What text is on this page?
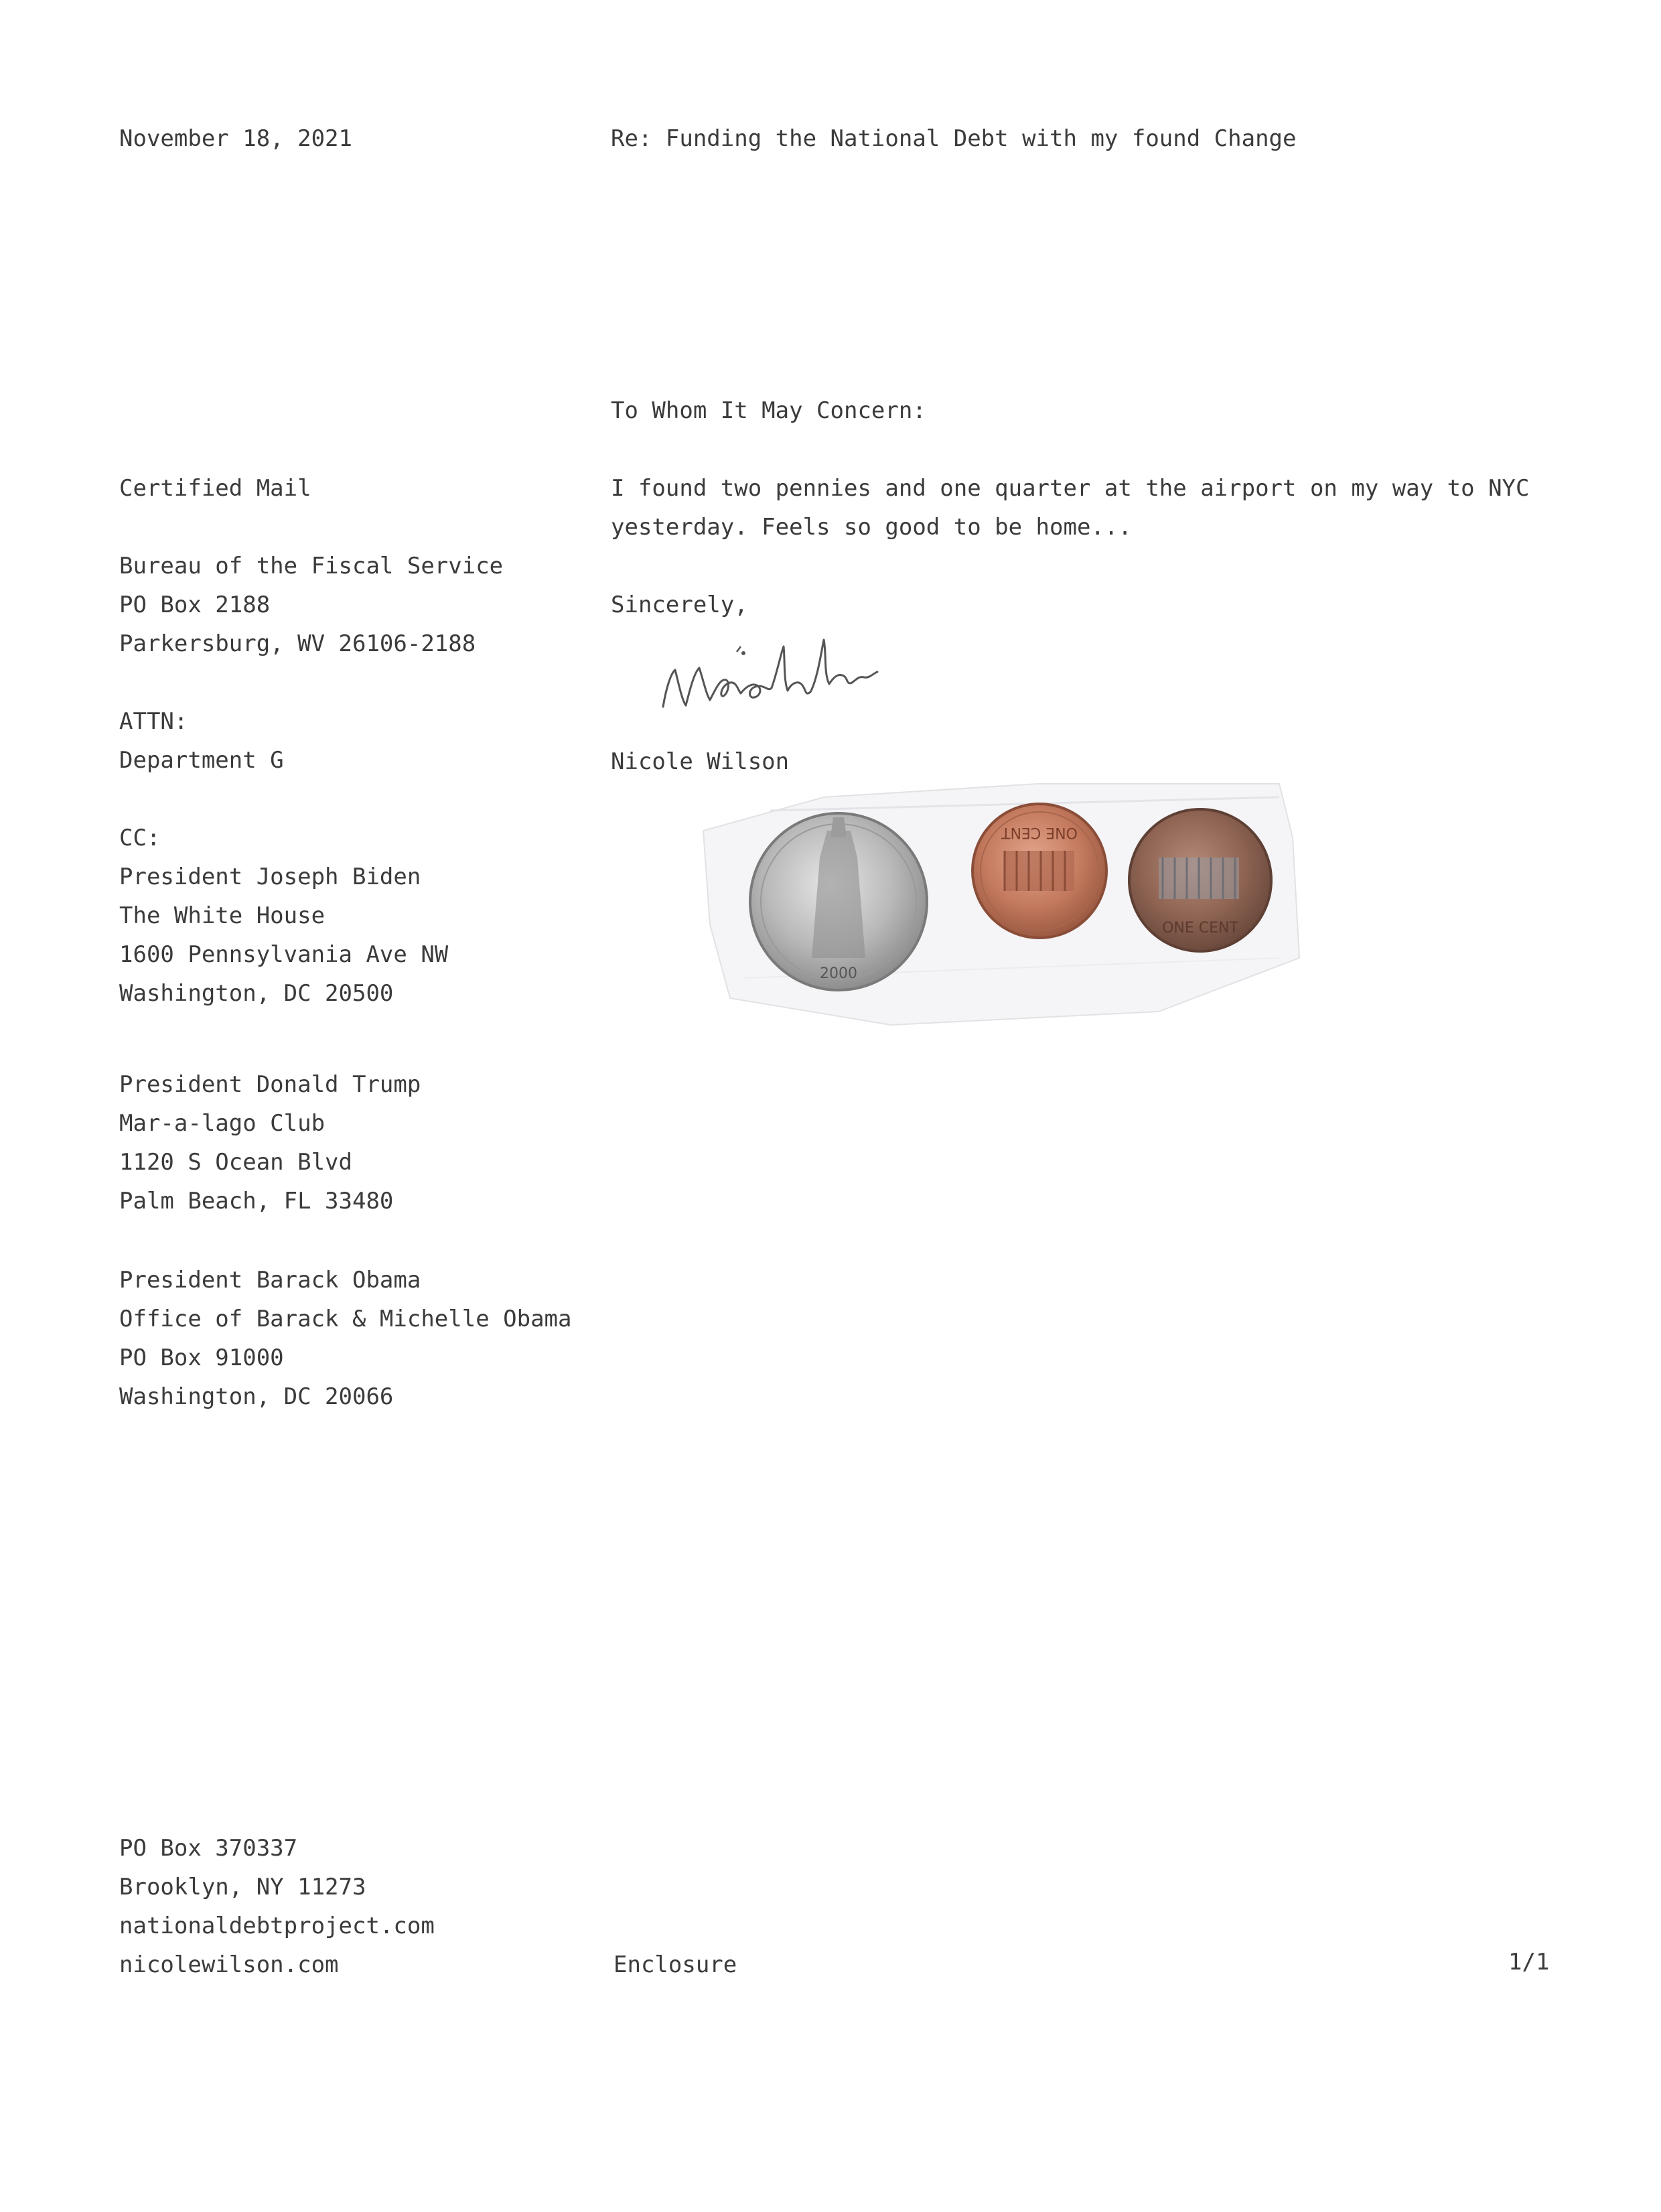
November 18, 2021	Re: Funding the National Debt with my found Change
To Whom It May Concern:
Certified Mail
Bureau of the Fiscal Service
PO Box 2188
Parkersburg, WV 26106-2188
ATTN:
Department G
CC:
President Joseph Biden
The White House
1600 Pennsylvania Ave NW
Washington, DC 20500
President Donald Trump
Mar-a-lago Club
1120 S Ocean Blvd
Palm Beach, FL 33480
President Barack Obama
Office of Barack & Michelle Obama
PO Box 91000
Washington, DC 20066
I found two pennies and one quarter at the airport on my way to NYC
yesterday. Feels so good to be home...
Sincerely,
Nicole Wilson
2000
ONE CENT
ONE CENT
PO Box 370337
Brooklyn, NY 11273
nationaldebtproject.com
nicolewilson.com	Enclosure	1/1
